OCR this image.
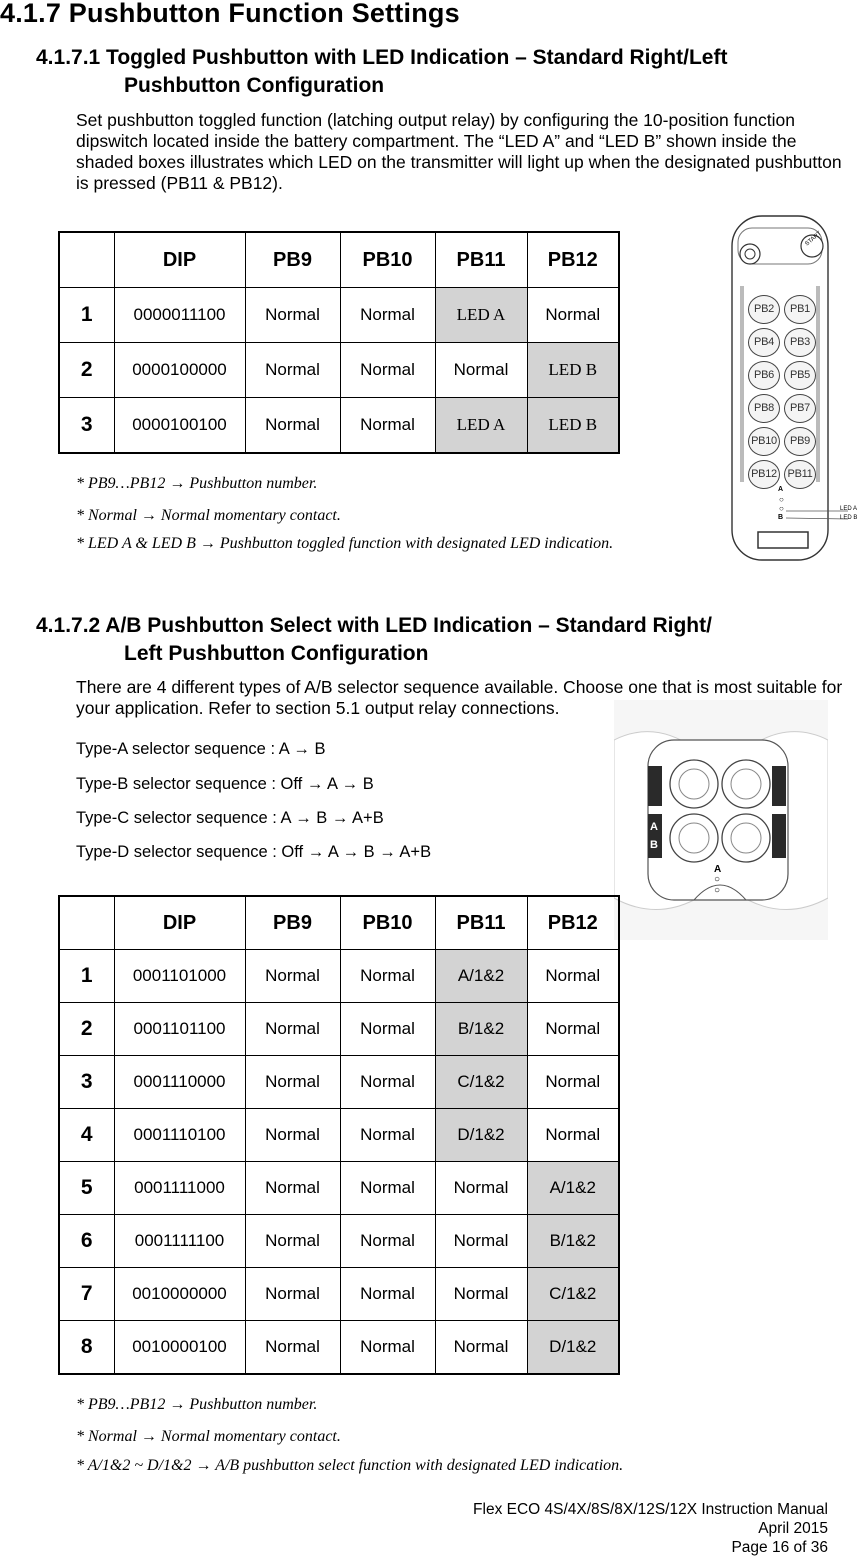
4.1.7 Pushbutton Function Settings
4.1.7.1 Toggled Pushbutton with LED Indication – Standard Right/Left
Pushbutton Configuration

Set pushbutton toggled function (latching output relay) by configuring the 10-position function dipswitch located inside the battery compartment. The “LED A” and “LED B” shown inside the shaded boxes illustrates which LED on the transmitter will light up when the designated pushbutton is pressed (PB11 & PB12).

	DIP	PB9	PB10	PB11	PB12
1	0000011100	Normal	Normal	LED A	Normal
2	0000100000	Normal	Normal	Normal	LED B
3	0000100100	Normal	Normal	LED A	LED B

* PB9…PB12 → Pushbutton number.

* Normal → Normal momentary contact.

* LED A & LED B → Pushbutton toggled function with designated LED indication.

START
PB2	PB1
PB4	PB3
PB6	PB5
PB8	PB7
PB10	PB9
PB12 PB11
A
○
○
B
LED A
LED B
4.1.7.2 A/B Pushbutton Select with LED Indication – Standard Right/
Left Pushbutton Configuration

There are 4 different types of A/B selector sequence available. Choose one that is most suitable for your application. Refer to section 5.1 output relay connections.

Type-A selector sequence : A → B

Type-B selector sequence : Off → A → B

Type-C selector sequence : A → B → A+B

Type-D selector sequence : Off → A → B → A+B

A
B
A
○
○
	DIP	PB9	PB10	PB11	PB12
1	0001101000	Normal	Normal	A/1&2	Normal
2	0001101100	Normal	Normal	B/1&2	Normal
3	0001110000	Normal	Normal	C/1&2	Normal
4	0001110100	Normal	Normal	D/1&2	Normal
5	0001111000	Normal	Normal	Normal	A/1&2
6	0001111100	Normal	Normal	Normal	B/1&2
7	0010000000	Normal	Normal	Normal	C/1&2
8	0010000100	Normal	Normal	Normal	D/1&2

* PB9…PB12 → Pushbutton number.

* Normal → Normal momentary contact.

* A/1&2 ~ D/1&2 → A/B pushbutton select function with designated LED indication.

Flex ECO 4S/4X/8S/8X/12S/12X Instruction Manual
April 2015
Page 16 of 36
